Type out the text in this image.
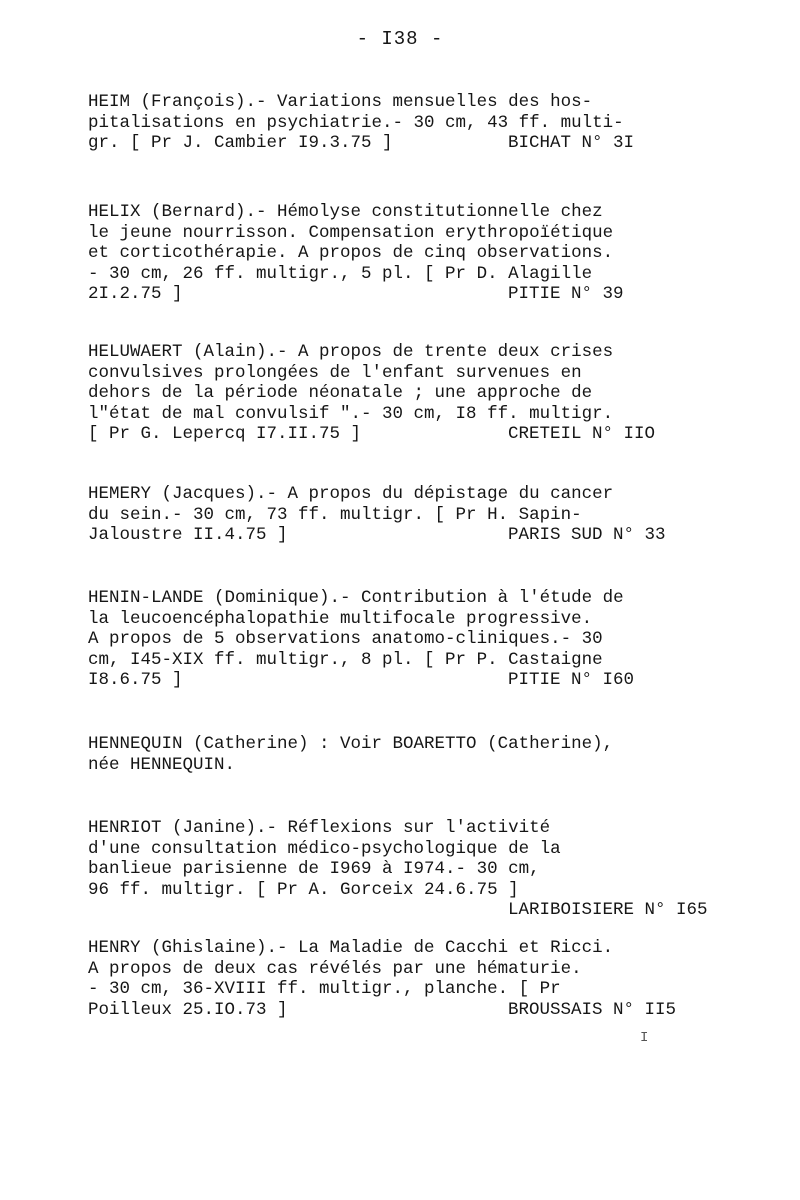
- I38 -
HEIM (François).- Variations mensuelles des hos-
pitalisations en psychiatrie.- 30 cm, 43 ff. multi-
gr. [ Pr J. Cambier I9.3.75 ]	BICHAT N° 3I
HELIX (Bernard).- Hémolyse constitutionnelle chez
le jeune nourrisson. Compensation erythropoïétique
et corticothérapie. A propos de cinq observations.
- 30 cm, 26 ff. multigr., 5 pl. [ Pr D. Alagille
2I.2.75 ]	PITIE N° 39
HELUWAERT (Alain).- A propos de trente deux crises
convulsives prolongées de l'enfant survenues en
dehors de la période néonatale ; une approche de
l"état de mal convulsif ".- 30 cm, I8 ff. multigr.
[ Pr G. Lepercq I7.II.75 ]	CRETEIL N° IIO
HEMERY (Jacques).- A propos du dépistage du cancer
du sein.- 30 cm, 73 ff. multigr. [ Pr H. Sapin-
Jaloustre II.4.75 ]	PARIS SUD N° 33
HENIN-LANDE (Dominique).- Contribution à l'étude de
la leucoencéphalopathie multifocale progressive.
A propos de 5 observations anatomo-cliniques.- 30
cm, I45-XIX ff. multigr., 8 pl. [ Pr P. Castaigne
I8.6.75 ]	PITIE N° I60
HENNEQUIN (Catherine) : Voir BOARETTO (Catherine),
née HENNEQUIN.
HENRIOT (Janine).- Réflexions sur l'activité
d'une consultation médico-psychologique de la
banlieue parisienne de I969 à I974.- 30 cm,
96 ff. multigr. [ Pr A. Gorceix 24.6.75 ]
LARIBOISIERE N° I65
HENRY (Ghislaine).- La Maladie de Cacchi et Ricci.
A propos de deux cas révélés par une hématurie.
- 30 cm, 36-XVIII ff. multigr., planche. [ Pr
Poilleux 25.IO.73 ]	BROUSSAIS N° II5
I
